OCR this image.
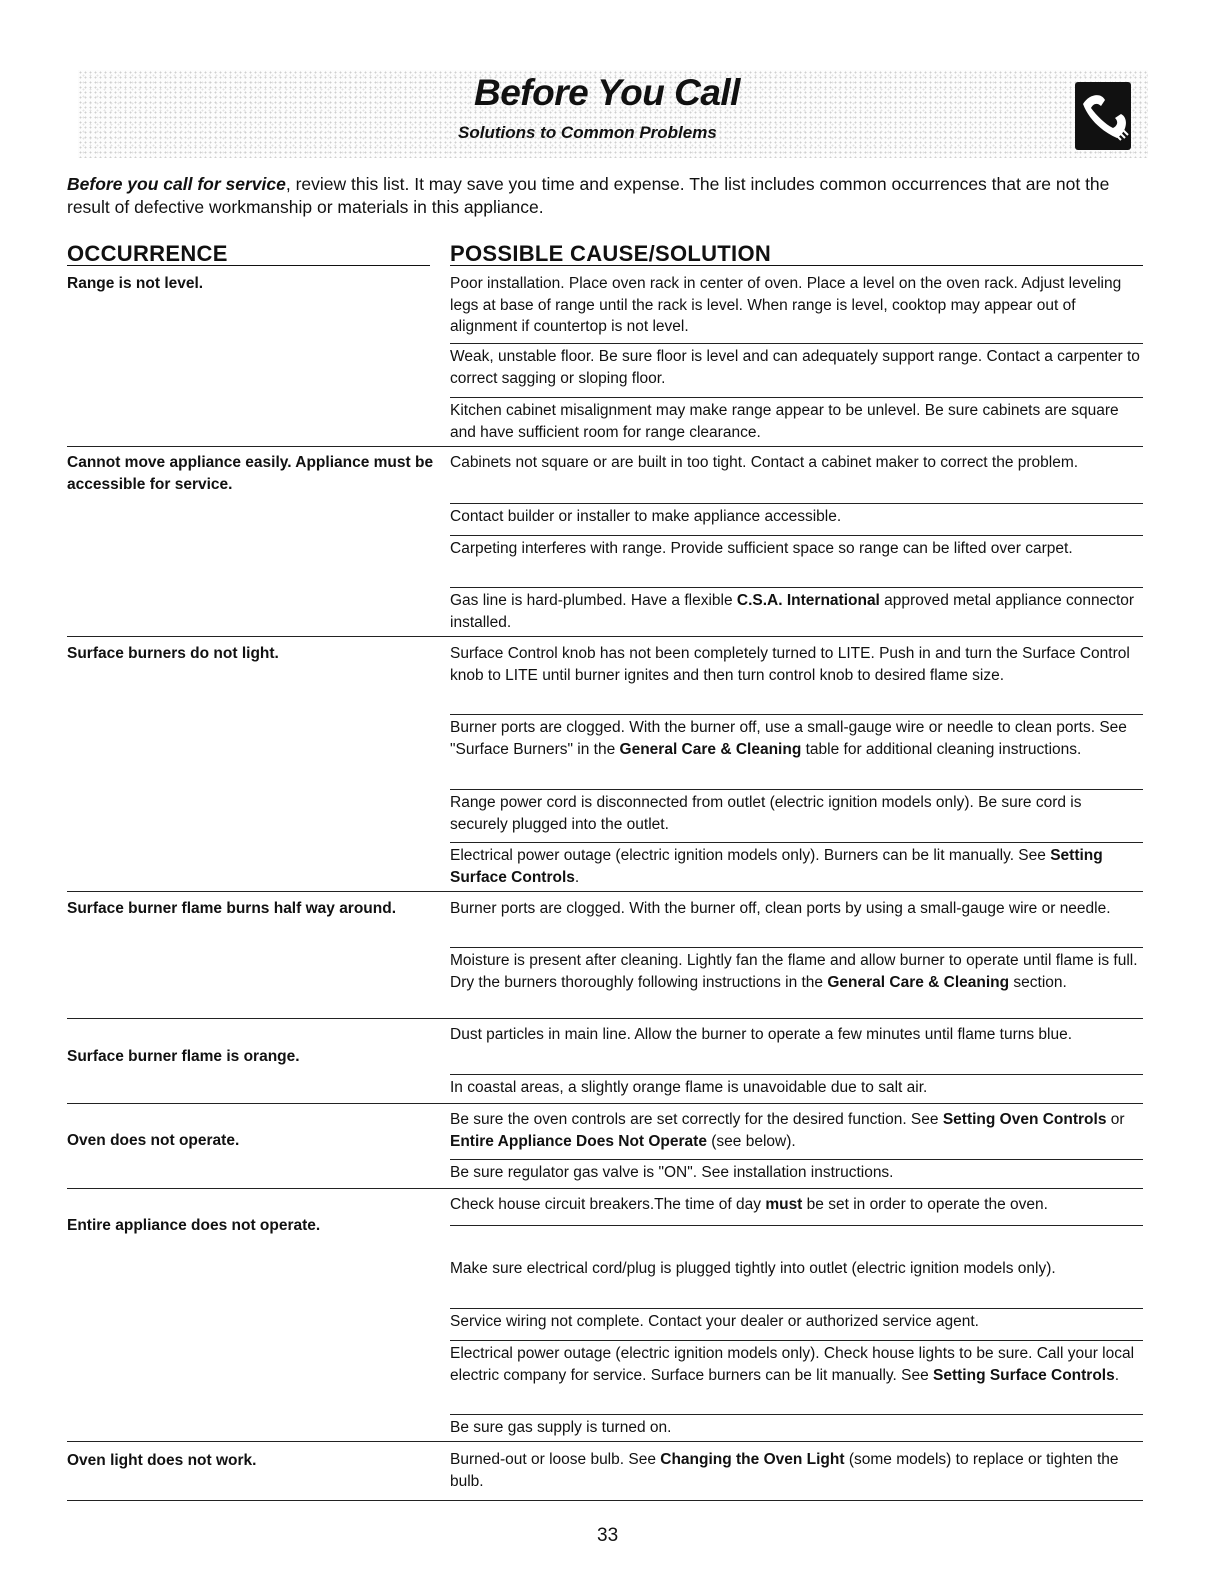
Before You Call
Solutions to Common Problems
Before you call for service, review this list. It may save you time and expense. The list includes common occurrences that are not the result of defective workmanship or materials in this appliance.
OCCURRENCE	POSSIBLE CAUSE/SOLUTION
Range is not level.
Cannot move appliance easily. Appliance must be accessible for service.
Surface burners do not light.
Surface burner flame burns half way around.
Surface burner flame is orange.
Oven does not operate.
Entire appliance does not operate.
Oven light does not work.
Poor installation. Place oven rack in center of oven. Place a level on the oven rack. Adjust leveling legs at base of range until the rack is level. When range is level, cooktop may appear out of alignment if countertop is not level.
Weak, unstable floor. Be sure floor is level and can adequately support range. Contact a carpenter to correct sagging or sloping floor.
Kitchen cabinet misalignment may make range appear to be unlevel. Be sure cabinets are square and have sufficient room for range clearance.
Cabinets not square or are built in too tight. Contact a cabinet maker to correct the problem.
Contact builder or installer to make appliance accessible.
Carpeting interferes with range. Provide sufficient space so range can be lifted over carpet.
Gas line is hard-plumbed. Have a flexible C.S.A. International approved metal appliance connector installed.
Surface Control knob has not been completely turned to LITE. Push in and turn the Surface Control knob to LITE until burner ignites and then turn control knob to desired flame size.
Burner ports are clogged. With the burner off, use a small-gauge wire or needle to clean ports. See "Surface Burners" in the General Care & Cleaning table for additional cleaning instructions.
Range power cord is disconnected from outlet (electric ignition models only). Be sure cord is securely plugged into the outlet.
Electrical power outage (electric ignition models only). Burners can be lit manually. See Setting Surface Controls.
Burner ports are clogged. With the burner off, clean ports by using a small-gauge wire or needle.
Moisture is present after cleaning. Lightly fan the flame and allow burner to operate until flame is full. Dry the burners thoroughly following instructions in the General Care & Cleaning section.
Dust particles in main line. Allow the burner to operate a few minutes until flame turns blue.
In coastal areas, a slightly orange flame is unavoidable due to salt air.
Be sure the oven controls are set correctly for the desired function. See Setting Oven Controls or Entire Appliance Does Not Operate (see below).
Be sure regulator gas valve is "ON". See installation instructions.
Check house circuit breakers.The time of day must be set in order to operate the oven.
Make sure electrical cord/plug is plugged tightly into outlet (electric ignition models only).
Service wiring not complete. Contact your dealer or authorized service agent.
Electrical power outage (electric ignition models only). Check house lights to be sure. Call your local electric company for service. Surface burners can be lit manually. See Setting Surface Controls.
Be sure gas supply is turned on.
Burned-out or loose bulb. See Changing the Oven Light (some models) to replace or tighten the bulb.
33
